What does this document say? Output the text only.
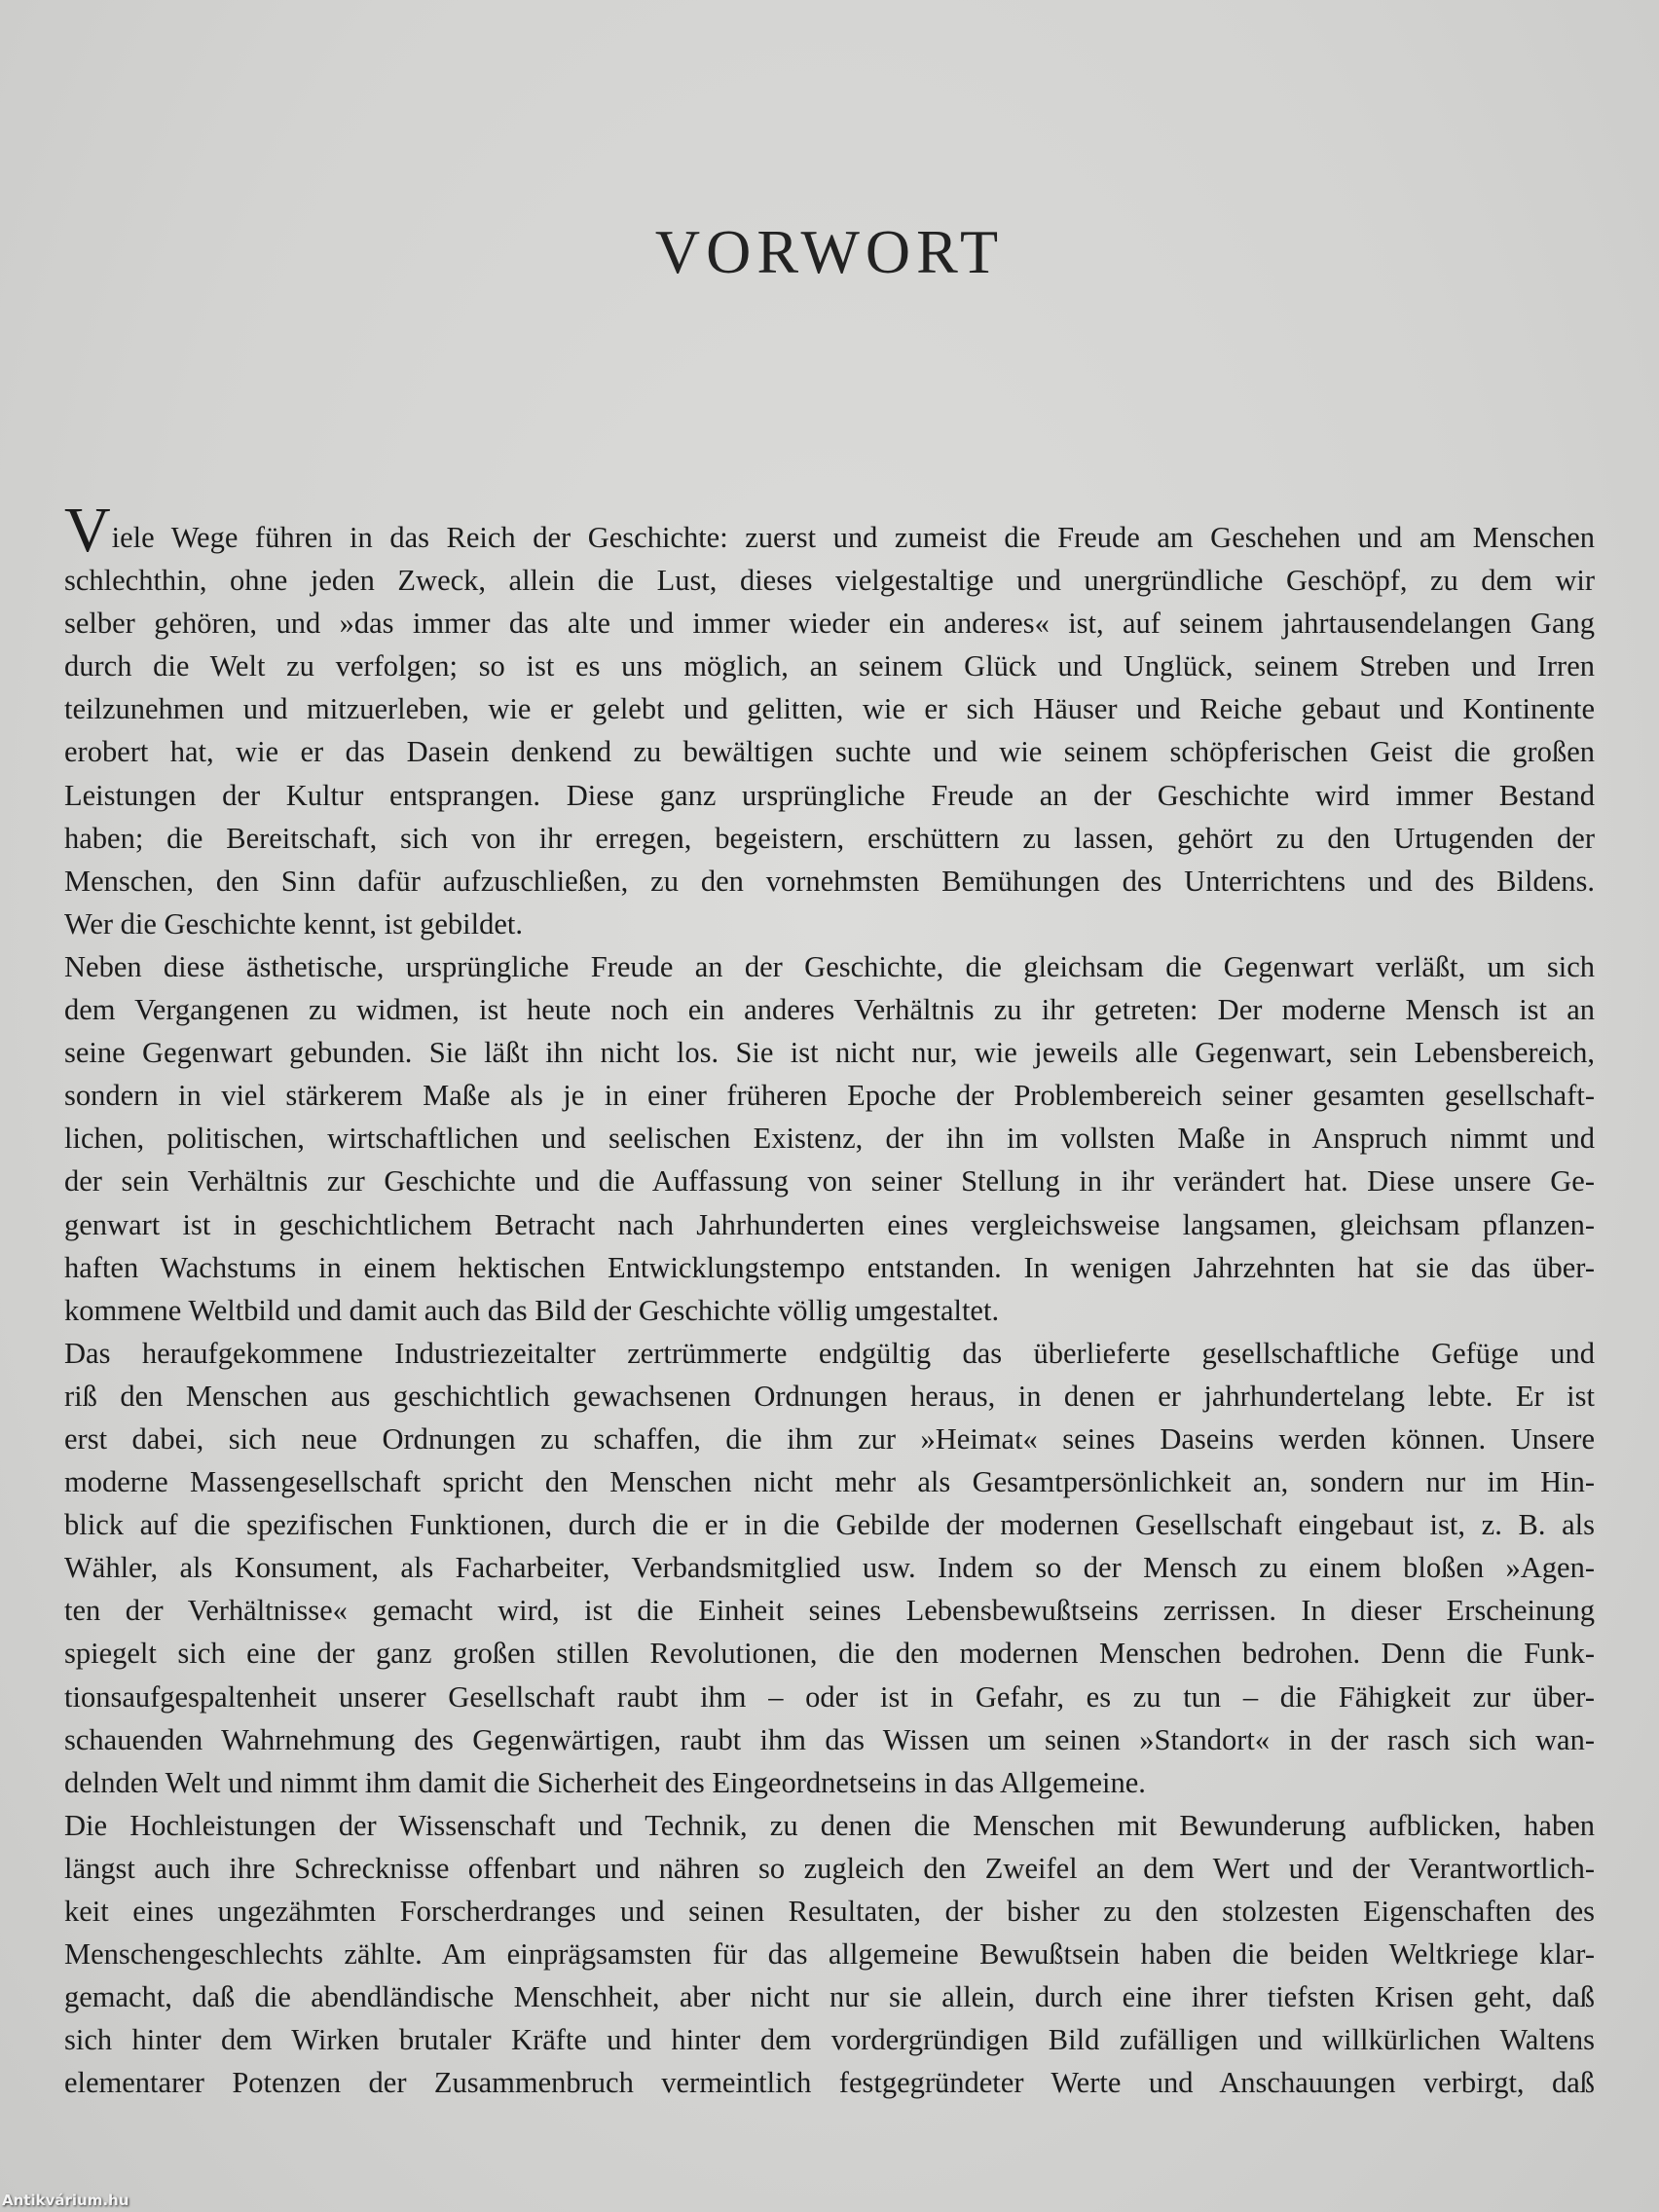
VORWORT
Viele Wege führen in das Reich der Geschichte: zuerst und zumeist die Freude am Geschehen und am Menschen
schlechthin, ohne jeden Zweck, allein die Lust, dieses vielgestaltige und unergründliche Geschöpf, zu dem wir
selber gehören, und »das immer das alte und immer wieder ein anderes« ist, auf seinem jahrtausendelangen Gang
durch die Welt zu verfolgen; so ist es uns möglich, an seinem Glück und Unglück, seinem Streben und Irren
teilzunehmen und mitzuerleben, wie er gelebt und gelitten, wie er sich Häuser und Reiche gebaut und Kontinente
erobert hat, wie er das Dasein denkend zu bewältigen suchte und wie seinem schöpferischen Geist die großen
Leistungen der Kultur entsprangen. Diese ganz ursprüngliche Freude an der Geschichte wird immer Bestand
haben; die Bereitschaft, sich von ihr erregen, begeistern, erschüttern zu lassen, gehört zu den Urtugenden der
Menschen, den Sinn dafür aufzuschließen, zu den vornehmsten Bemühungen des Unterrichtens und des Bildens.
Wer die Geschichte kennt, ist gebildet.
Neben diese ästhetische, ursprüngliche Freude an der Geschichte, die gleichsam die Gegenwart verläßt, um sich
dem Vergangenen zu widmen, ist heute noch ein anderes Verhältnis zu ihr getreten: Der moderne Mensch ist an
seine Gegenwart gebunden. Sie läßt ihn nicht los. Sie ist nicht nur, wie jeweils alle Gegenwart, sein Lebensbereich,
sondern in viel stärkerem Maße als je in einer früheren Epoche der Problembereich seiner gesamten gesellschaft-
lichen, politischen, wirtschaftlichen und seelischen Existenz, der ihn im vollsten Maße in Anspruch nimmt und
der sein Verhältnis zur Geschichte und die Auffassung von seiner Stellung in ihr verändert hat. Diese unsere Ge-
genwart ist in geschichtlichem Betracht nach Jahrhunderten eines vergleichsweise langsamen, gleichsam pflanzen-
haften Wachstums in einem hektischen Entwicklungstempo entstanden. In wenigen Jahrzehnten hat sie das über-
kommene Weltbild und damit auch das Bild der Geschichte völlig umgestaltet.
Das heraufgekommene Industriezeitalter zertrümmerte endgültig das überlieferte gesellschaftliche Gefüge und
riß den Menschen aus geschichtlich gewachsenen Ordnungen heraus, in denen er jahrhundertelang lebte. Er ist
erst dabei, sich neue Ordnungen zu schaffen, die ihm zur »Heimat« seines Daseins werden können. Unsere
moderne Massengesellschaft spricht den Menschen nicht mehr als Gesamtpersönlichkeit an, sondern nur im Hin-
blick auf die spezifischen Funktionen, durch die er in die Gebilde der modernen Gesellschaft eingebaut ist, z. B. als
Wähler, als Konsument, als Facharbeiter, Verbandsmitglied usw. Indem so der Mensch zu einem bloßen »Agen-
ten der Verhältnisse« gemacht wird, ist die Einheit seines Lebensbewußtseins zerrissen. In dieser Erscheinung
spiegelt sich eine der ganz großen stillen Revolutionen, die den modernen Menschen bedrohen. Denn die Funk-
tionsaufgespaltenheit unserer Gesellschaft raubt ihm – oder ist in Gefahr, es zu tun – die Fähigkeit zur über-
schauenden Wahrnehmung des Gegenwärtigen, raubt ihm das Wissen um seinen »Standort« in der rasch sich wan-
delnden Welt und nimmt ihm damit die Sicherheit des Eingeordnetseins in das Allgemeine.
Die Hochleistungen der Wissenschaft und Technik, zu denen die Menschen mit Bewunderung aufblicken, haben
längst auch ihre Schrecknisse offenbart und nähren so zugleich den Zweifel an dem Wert und der Verantwortlich-
keit eines ungezähmten Forscherdranges und seinen Resultaten, der bisher zu den stolzesten Eigenschaften des
Menschengeschlechts zählte. Am einprägsamsten für das allgemeine Bewußtsein haben die beiden Weltkriege klar-
gemacht, daß die abendländische Menschheit, aber nicht nur sie allein, durch eine ihrer tiefsten Krisen geht, daß
sich hinter dem Wirken brutaler Kräfte und hinter dem vordergründigen Bild zufälligen und willkürlichen Waltens
elementarer Potenzen der Zusammenbruch vermeintlich festgegründeter Werte und Anschauungen verbirgt, daß
Antikvárium.hu
